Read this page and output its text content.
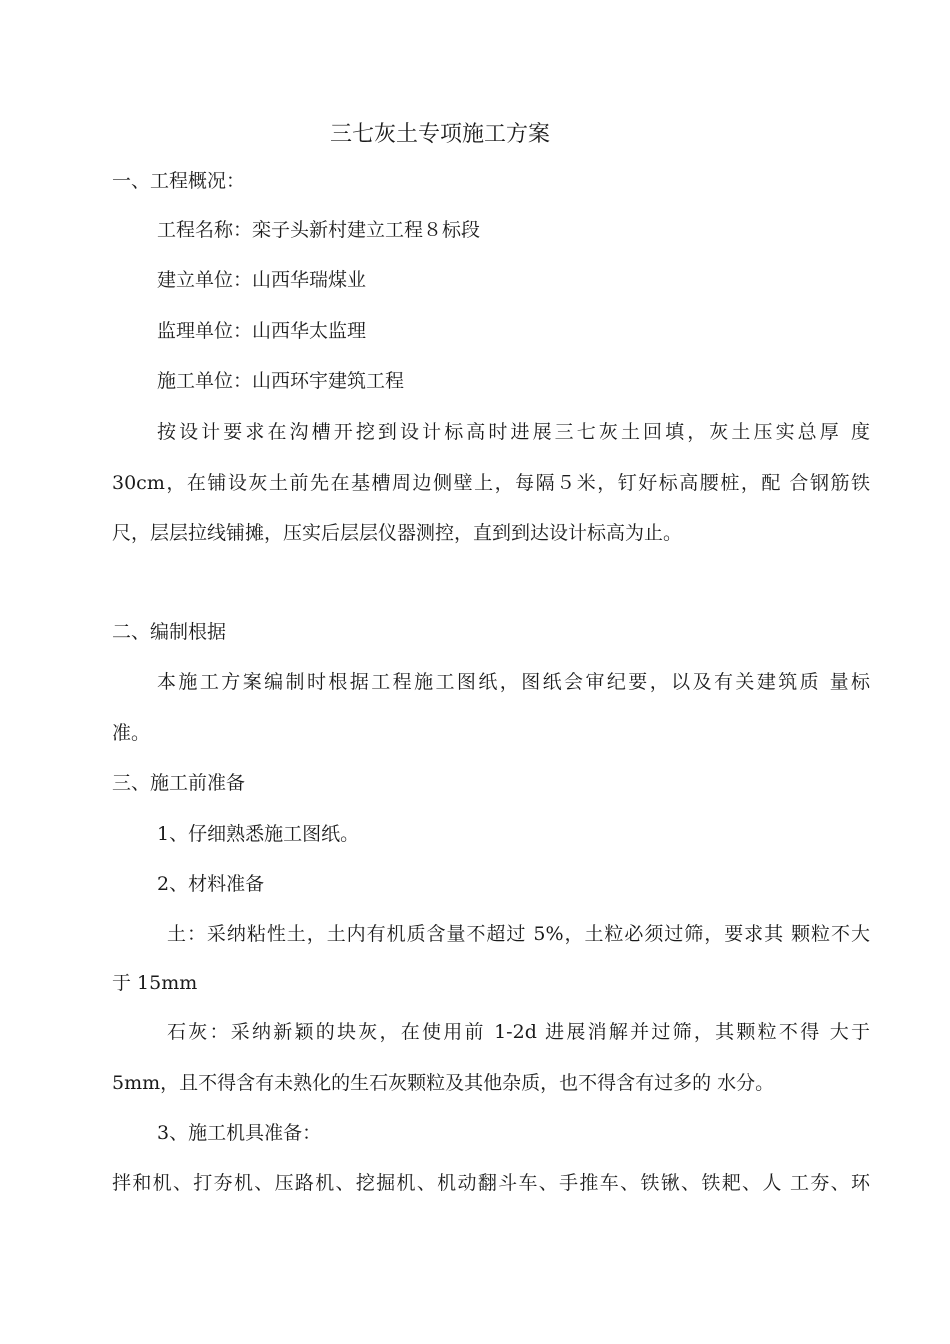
三七灰土专项施工方案
一、工程概况：
工程名称：栾子头新村建立工程８标段
建立单位：山西华瑞煤业
监理单位：山西华太监理
施工单位：山西环宇建筑工程
按设计要求在沟槽开挖到设计标高时进展三七灰土回填，灰土压实总厚 度
30cm，在铺设灰土前先在基槽周边侧壁上，每隔５米，钉好标高腰桩，配 合钢筋铁
尺，层层拉线铺摊，压实后层层仪器测控，直到到达设计标高为止。
二、编制根据
本施工方案编制时根据工程施工图纸，图纸会审纪要，以及有关建筑质 量标
准。
三、施工前准备
1、仔细熟悉施工图纸。
2、材料准备
土：采纳粘性土，土内有机质含量不超过 5%，土粒必须过筛，要求其 颗粒不大
于 15mm
石灰：采纳新颖的块灰，在使用前 1-2d 进展消解并过筛，其颗粒不得 大于
5mm，且不得含有未熟化的生石灰颗粒及其他杂质，也不得含有过多的 水分。
3、施工机具准备：
拌和机、打夯机、压路机、挖掘机、机动翻斗车、手推车、铁锹、铁耙、人 工夯、环
